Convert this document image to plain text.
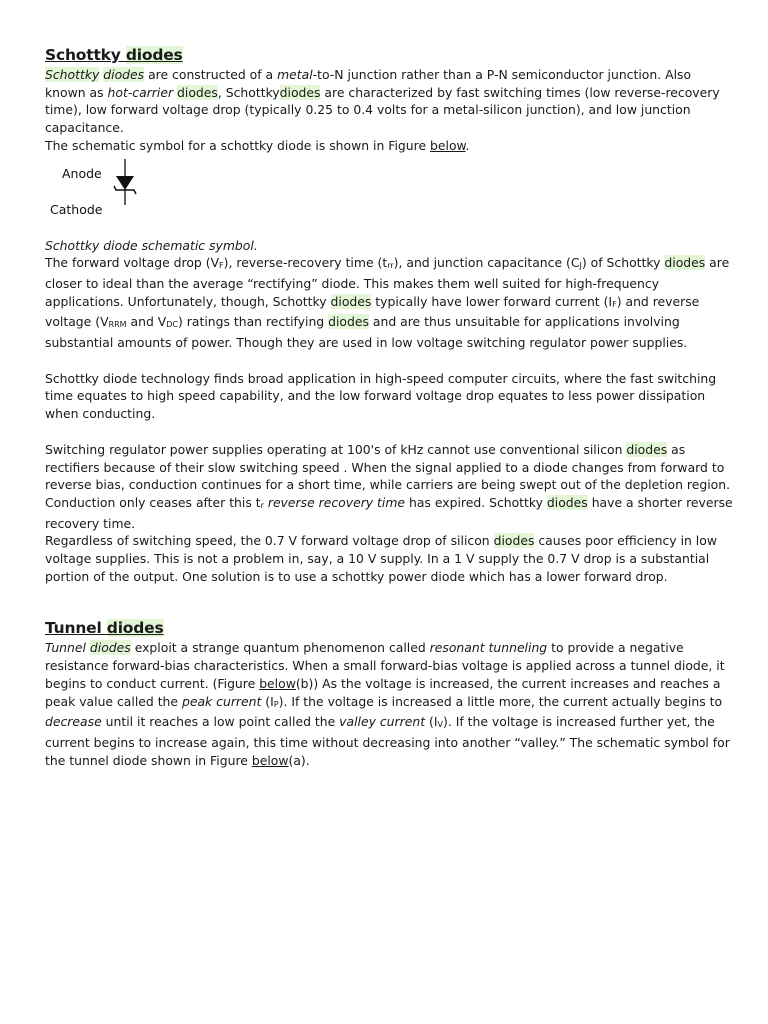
Schottky diodes

Schottky diodes are constructed of a metal-to-N junction rather than a P-N semiconductor junction. Also known as hot-carrier diodes, Schottkydiodes are characterized by fast switching times (low reverse-recovery time), low forward voltage drop (typically 0.25 to 0.4 volts for a metal-silicon junction), and low junction capacitance.

The schematic symbol for a schottky diode is shown in Figure below.

Anode
Cathode

Schottky diode schematic symbol.

The forward voltage drop (VF), reverse-recovery time (trr), and junction capacitance (CJ) of Schottky diodes are closer to ideal than the average “rectifying” diode. This makes them well suited for high-frequency applications. Unfortunately, though, Schottky diodes typically have lower forward current (IF) and reverse voltage (VRRM and VDC) ratings than rectifying diodes and are thus unsuitable for applications involving substantial amounts of power. Though they are used in low voltage switching regulator power supplies.

Schottky diode technology finds broad application in high-speed computer circuits, where the fast switching time equates to high speed capability, and the low forward voltage drop equates to less power dissipation when conducting.

Switching regulator power supplies operating at 100's of kHz cannot use conventional silicon diodes as rectifiers because of their slow switching speed . When the signal applied to a diode changes from forward to reverse bias, conduction continues for a short time, while carriers are being swept out of the depletion region. Conduction only ceases after this tr reverse recovery time has expired. Schottky diodes have a shorter reverse recovery time.

Regardless of switching speed, the 0.7 V forward voltage drop of silicon diodes causes poor efficiency in low voltage supplies. This is not a problem in, say, a 10 V supply. In a 1 V supply the 0.7 V drop is a substantial portion of the output. One solution is to use a schottky power diode which has a lower forward drop.

Tunnel diodes

Tunnel diodes exploit a strange quantum phenomenon called resonant tunneling to provide a negative resistance forward-bias characteristics. When a small forward-bias voltage is applied across a tunnel diode, it begins to conduct current. (Figure below(b)) As the voltage is increased, the current increases and reaches a peak value called the peak current (IP). If the voltage is increased a little more, the current actually begins to decrease until it reaches a low point called the valley current (IV). If the voltage is increased further yet, the current begins to increase again, this time without decreasing into another “valley.” The schematic symbol for the tunnel diode shown in Figure below(a).
